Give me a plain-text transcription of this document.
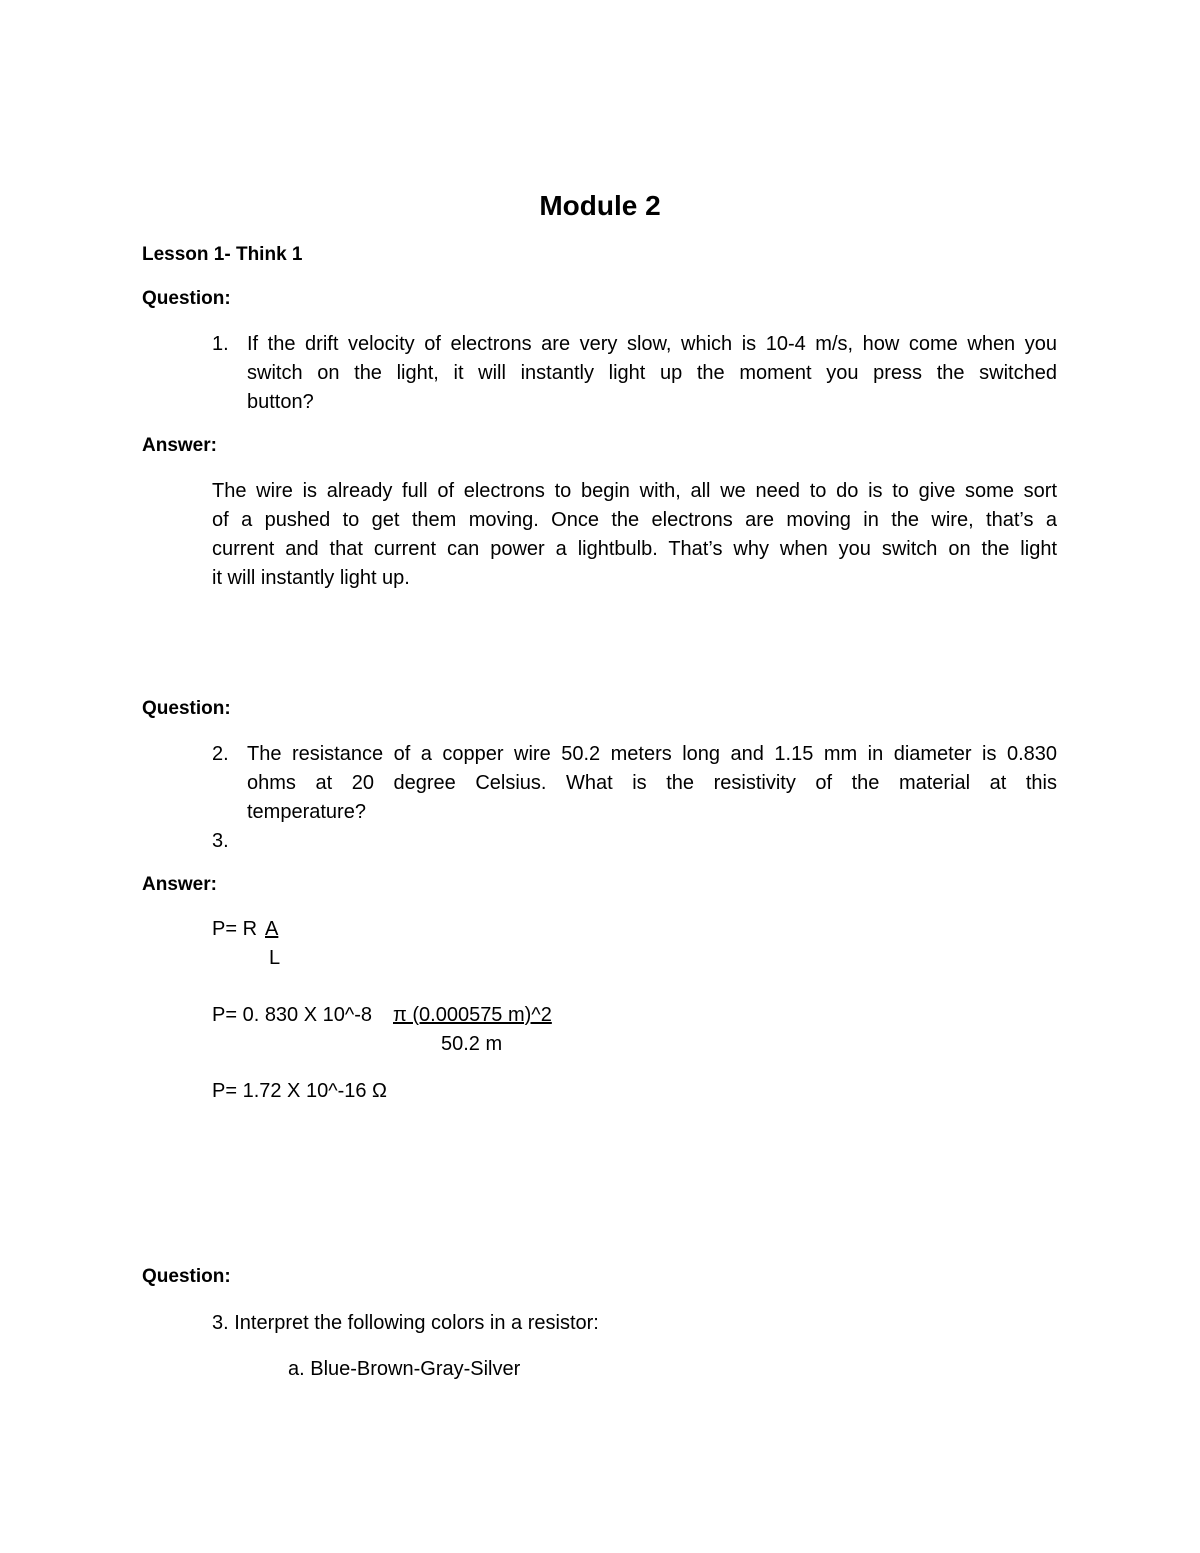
Module 2
Lesson 1- Think 1
Question:
1. If the drift velocity of electrons are very slow, which is 10-4 m/s, how come when you
switch on the light, it will instantly light up the moment you press the switched
button?
Answer:
The wire is already full of electrons to begin with, all we need to do is to give some sort
of a pushed to get them moving. Once the electrons are moving in the wire, that’s a
current and that current can power a lightbulb. That’s why when you switch on the light
it will instantly light up.
Question:
2. The resistance of a copper wire 50.2 meters long and 1.15 mm in diameter is 0.830
ohms at 20 degree Celsius. What is the resistivity of the material at this
temperature?
3.
Answer:
P= R A
L
P= 0. 830 X 10^-8 π (0.000575 m)^2
50.2 m
P= 1.72 X 10^-16 Ω
Question:
3. Interpret the following colors in a resistor:
a. Blue-Brown-Gray-Silver
